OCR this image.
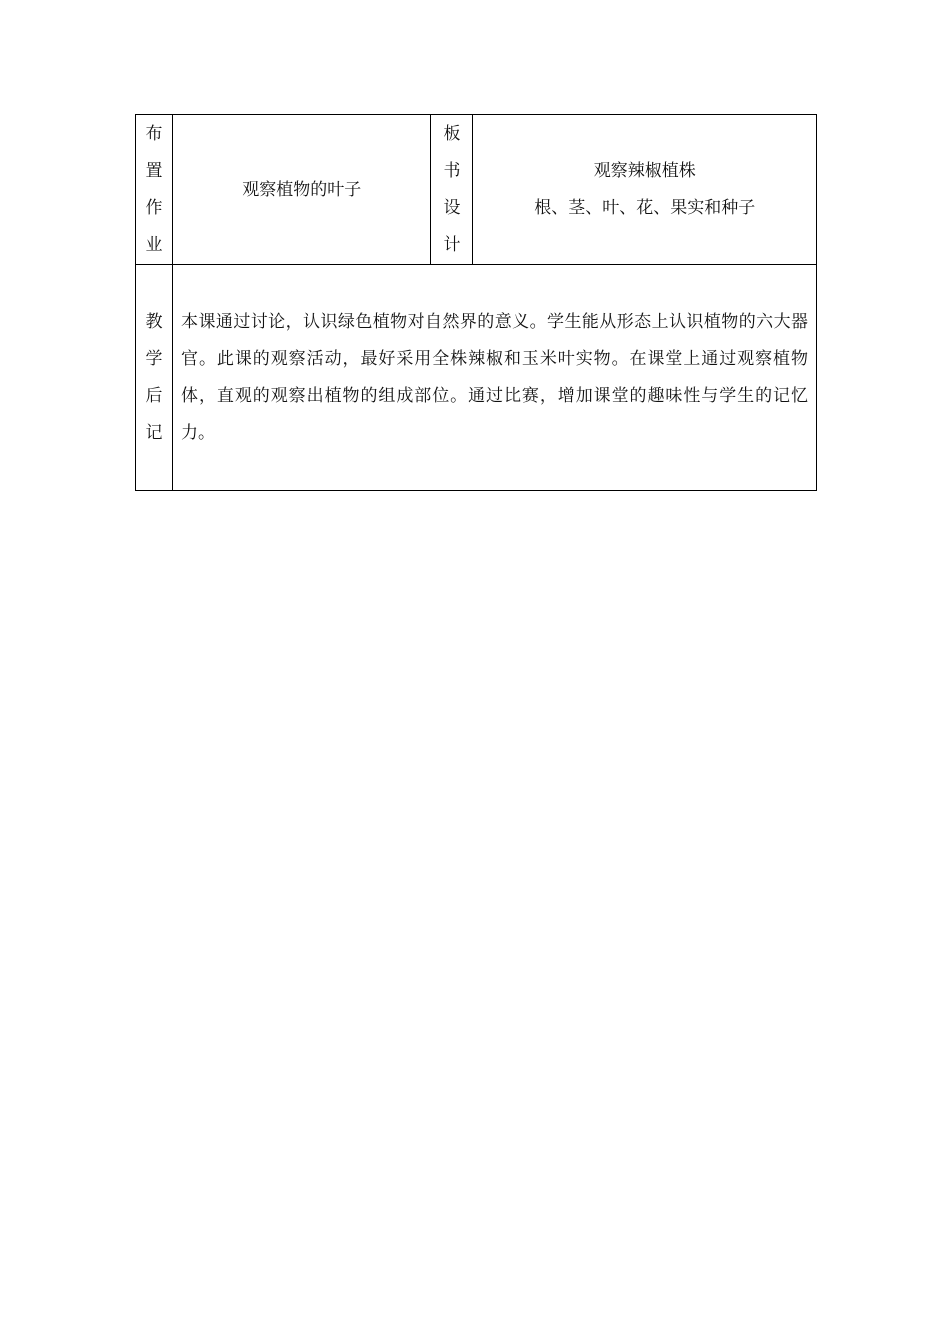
布
置
作
业	观察植物的叶子	板
书
设
计	观察辣椒植株
根、茎、叶、花、果实和种子

教
学
后
记	本课通过讨论，认识绿色植物对自然界的意义。学生能从形态上认识植物的六大器官。此课的观察活动，最好采用全株辣椒和玉米叶实物。在课堂上通过观察植物体，直观的观察出植物的组成部位。通过比赛，增加课堂的趣味性与学生的记忆力。		
